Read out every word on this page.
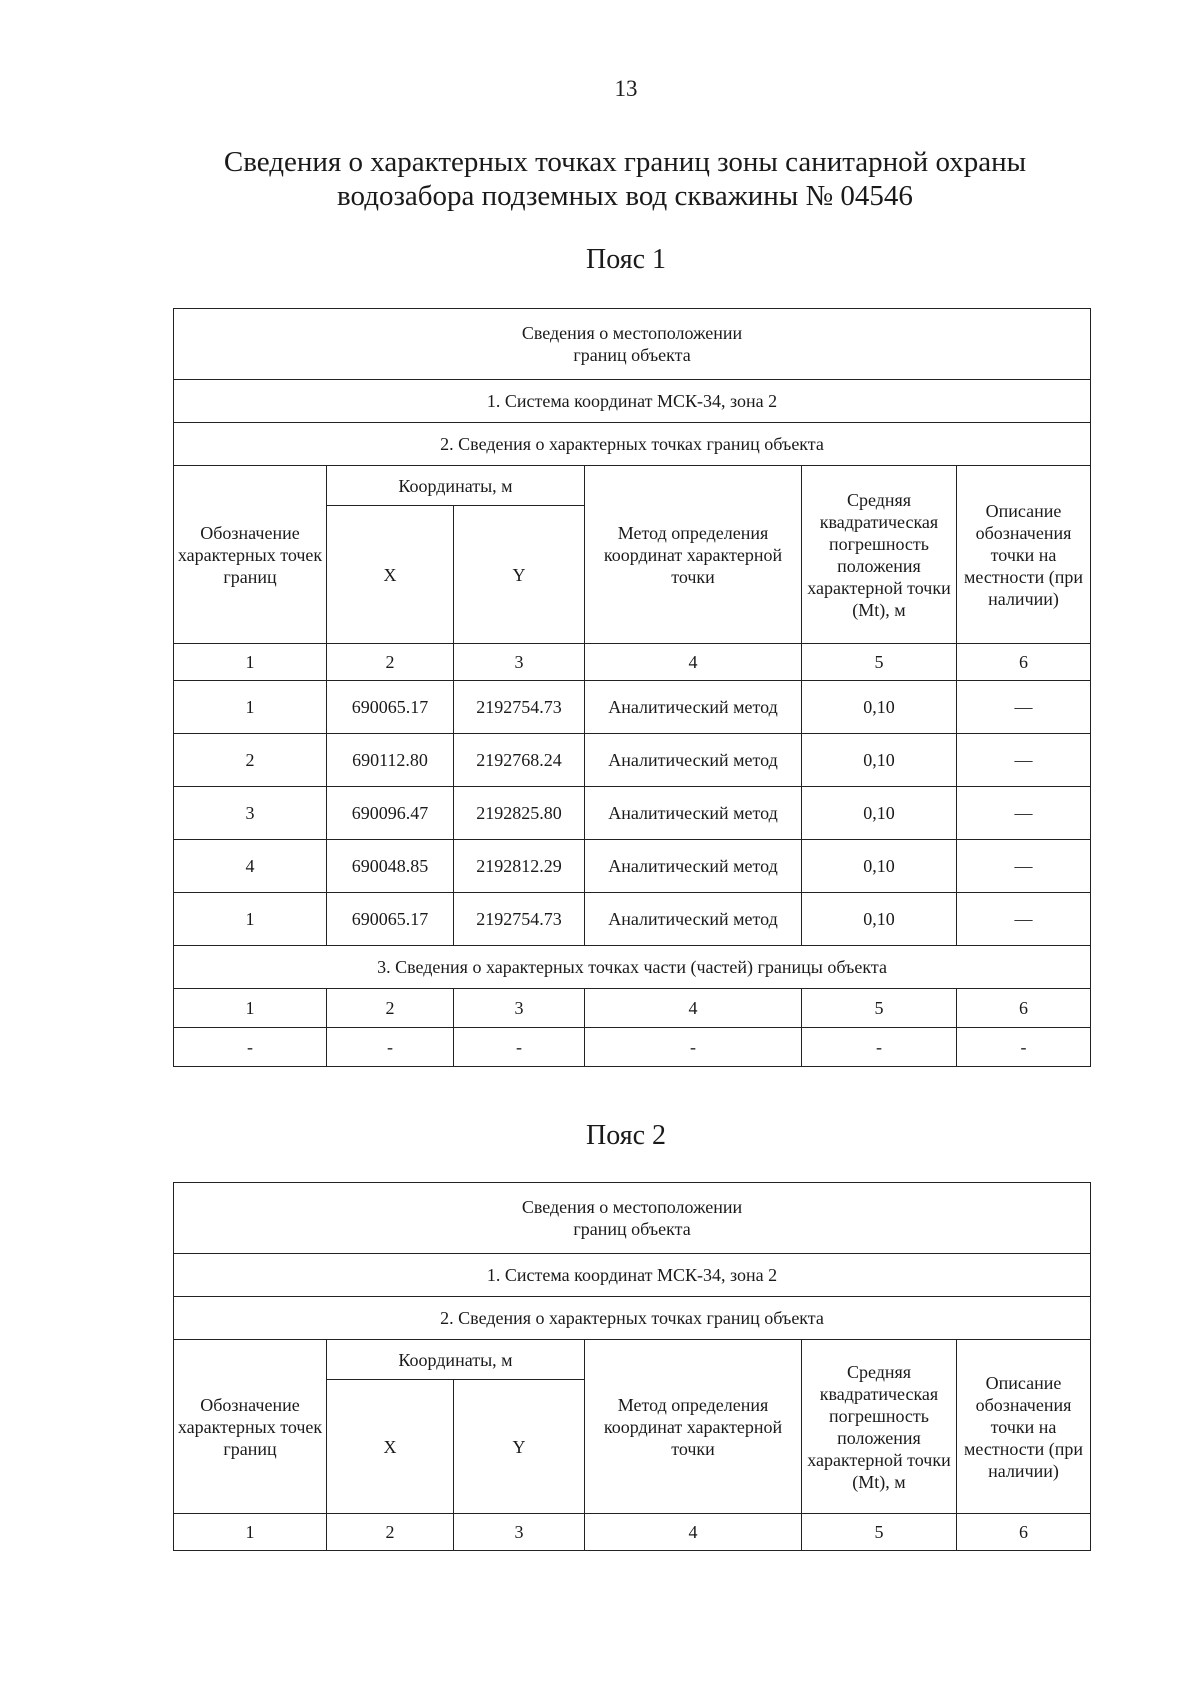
13
Сведения о характерных точках границ зоны санитарной охраны
водозабора подземных вод скважины № 04546
Пояс 1
Сведения о местоположении
границ объекта					

1. Система координат МСК-34, зона 2					
2. Сведения о характерных точках границ объекта					
Обозначение характерных точек границ	Координаты, м		Метод определения координат характерной точки	Средняя квадратическая погрешность положения характерной точки (Mt), м	Описание обозначения точки на местности (при наличии)
	X	Y			
1	2	3	4	5	6
1	690065.17	2192754.73	Аналитический метод	0,10	—
2	690112.80	2192768.24	Аналитический метод	0,10	—
3	690096.47	2192825.80	Аналитический метод	0,10	—
4	690048.85	2192812.29	Аналитический метод	0,10	—
1	690065.17	2192754.73	Аналитический метод	0,10	—
3. Сведения о характерных точках части (частей) границы объекта					
1	2	3	4	5	6
-	-	-	-	-	-
Пояс 2
Сведения о местоположении
границ объекта					

1. Система координат МСК-34, зона 2					
2. Сведения о характерных точках границ объекта					
Обозначение характерных точек границ	Координаты, м		Метод определения координат характерной точки	Средняя квадратическая погрешность положения характерной точки (Mt), м	Описание обозначения точки на местности (при наличии)
	X	Y			
1	2	3	4	5	6
